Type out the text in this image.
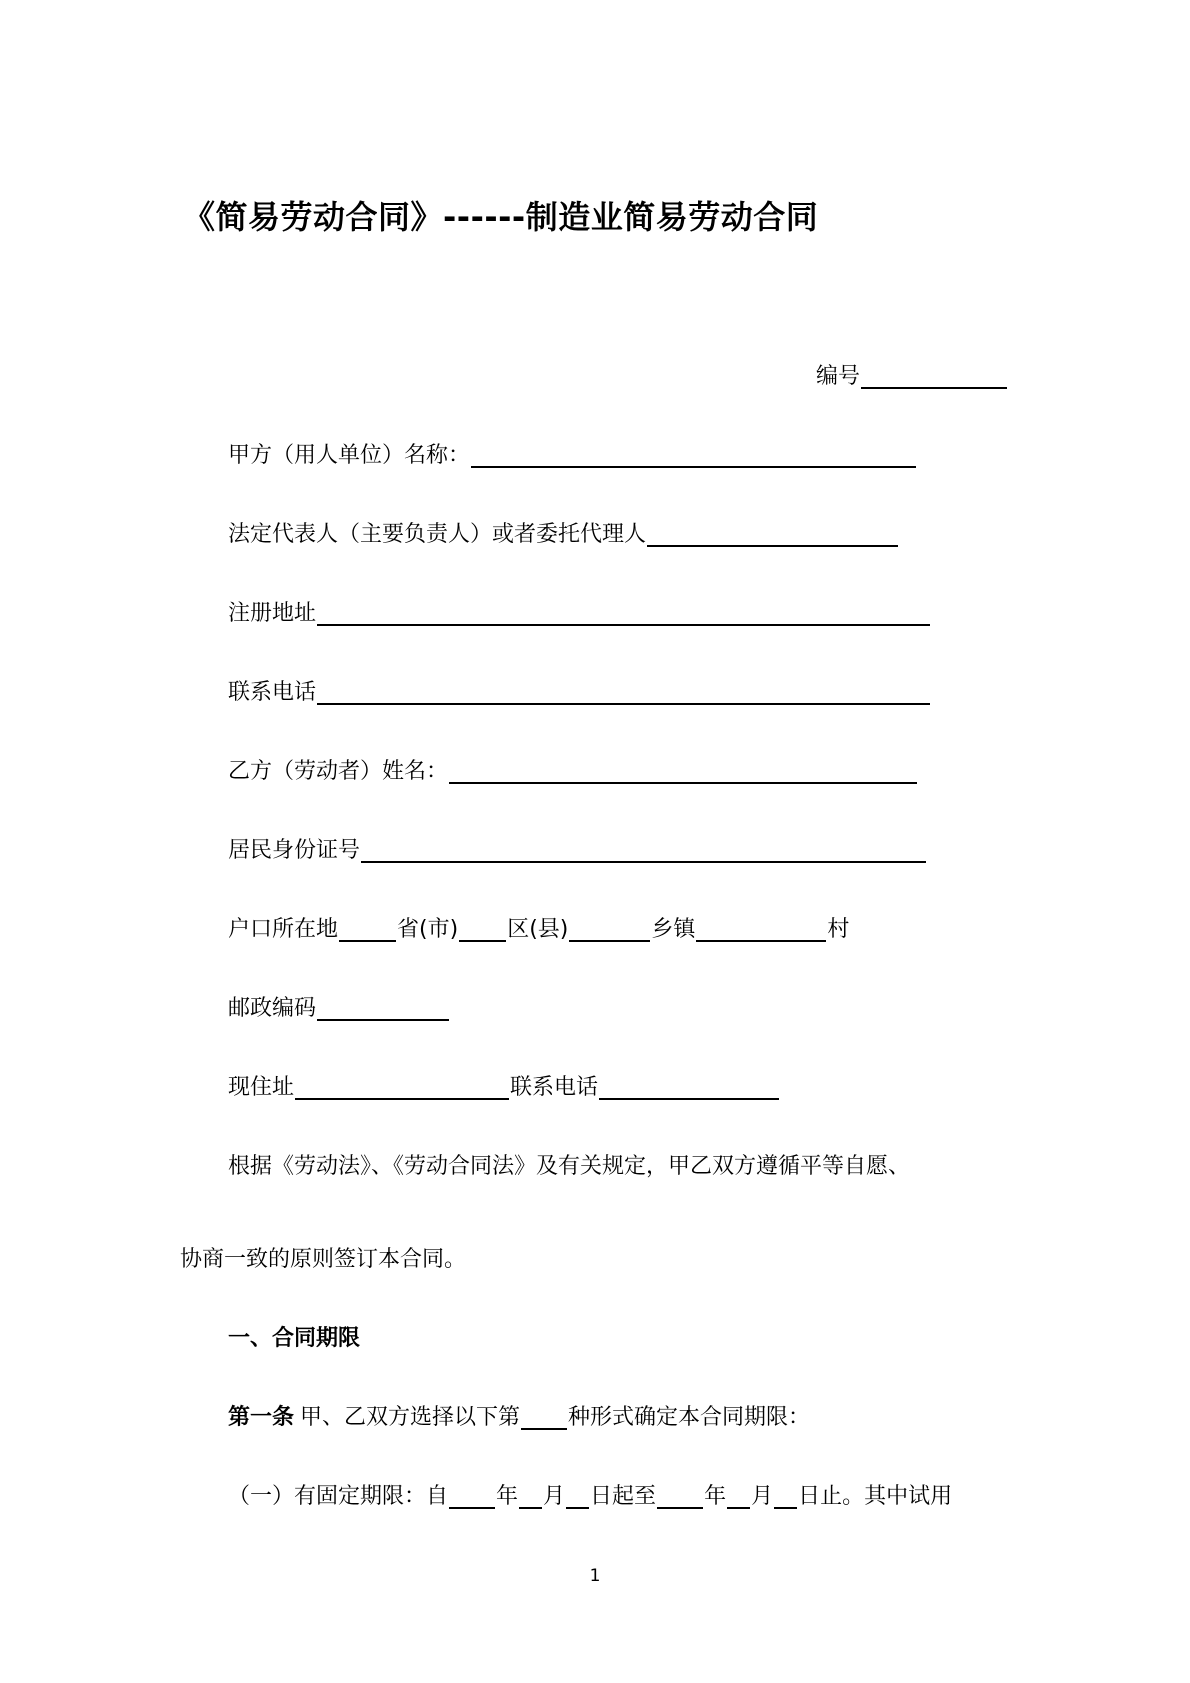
《简易劳动合同》------制造业简易劳动合同
编号
甲方（用人单位）名称：
法定代表人（主要负责人）或者委托代理人
注册地址
联系电话
乙方（劳动者）姓名：
居民身份证号
户口所在地	省(市) 区(县)	乡镇	村
邮政编码
现住址	联系电话
根据《劳动法》、《劳动合同法》及有关规定，甲乙双方遵循平等自愿、
协商一致的原则签订本合同。
一、合同期限
第一条 甲、乙双方选择以下第 种形式确定本合同期限：
（一）有固定期限：自 年 月 日起至 年 月 日止。其中试用
1
